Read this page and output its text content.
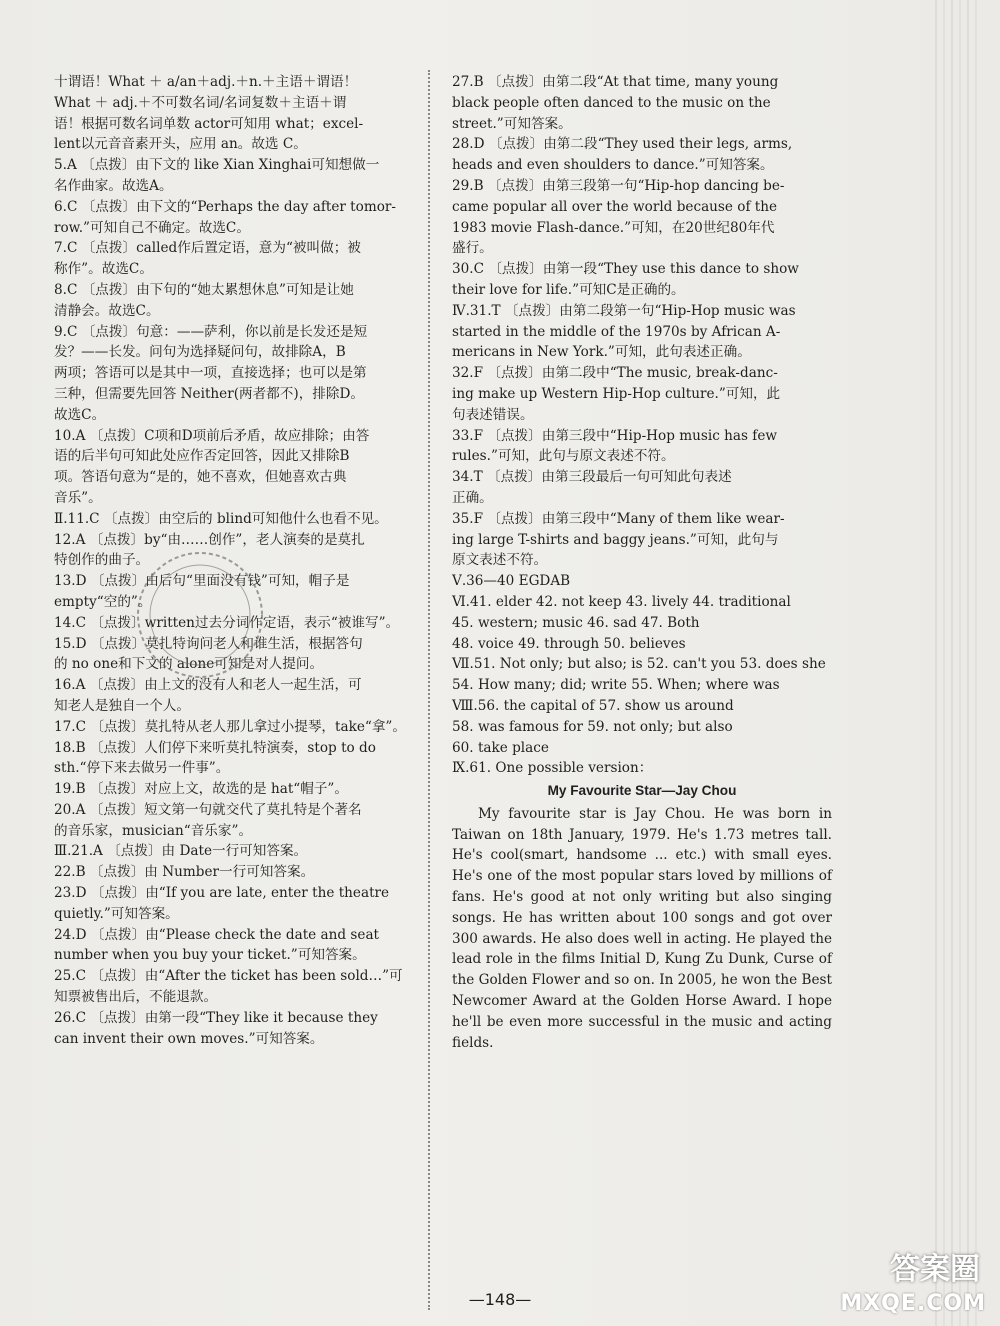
十谓语！What ＋ a/an＋adj.＋n.＋主语＋谓语！
What ＋ adj.＋不可数名词/名词复数＋主语＋谓
语！根据可数名词单数 actor可知用 what；excel-
lent以元音音素开头，应用 an。故选 C。
5.A 〔点拨〕由下文的 like Xian Xinghai可知想做一
名作曲家。故选A。
6.C 〔点拨〕由下文的“Perhaps the day after tomor-
row.”可知自己不确定。故选C。
7.C 〔点拨〕called作后置定语，意为“被叫做；被
称作”。故选C。
8.C 〔点拨〕由下句的“她太累想休息”可知是让她
清静会。故选C。
9.C 〔点拨〕句意：——萨利，你以前是长发还是短
发？——长发。问句为选择疑问句，故排除A，B
两项；答语可以是其中一项，直接选择；也可以是第
三种，但需要先回答 Neither(两者都不)，排除D。
故选C。
10.A 〔点拨〕C项和D项前后矛盾，故应排除；由答
语的后半句可知此处应作否定回答，因此又排除B
项。答语句意为“是的，她不喜欢，但她喜欢古典
音乐”。
Ⅱ.11.C 〔点拨〕由空后的 blind可知他什么也看不见。
12.A 〔点拨〕by“由……创作”，老人演奏的是莫扎
特创作的曲子。
13.D 〔点拨〕由后句“里面没有钱”可知，帽子是
empty“空的”。
14.C 〔点拨〕written过去分词作定语，表示“被谁写”。
15.D 〔点拨〕莫扎特询问老人和谁生活，根据答句
的 no one和下文的 alone可知是对人提问。
16.A 〔点拨〕由上文的没有人和老人一起生活，可
知老人是独自一个人。
17.C 〔点拨〕莫扎特从老人那儿拿过小提琴，take“拿”。
18.B 〔点拨〕人们停下来听莫扎特演奏，stop to do
sth.“停下来去做另一件事”。
19.B 〔点拨〕对应上文，故选的是 hat“帽子”。
20.A 〔点拨〕短文第一句就交代了莫扎特是个著名
的音乐家，musician“音乐家”。
Ⅲ.21.A 〔点拨〕由 Date一行可知答案。
22.B 〔点拨〕由 Number一行可知答案。
23.D 〔点拨〕由“If you are late, enter the theatre
quietly.”可知答案。
24.D 〔点拨〕由“Please check the date and seat
number when you buy your ticket.”可知答案。
25.C 〔点拨〕由“After the ticket has been sold…”可
知票被售出后，不能退款。
26.C 〔点拨〕由第一段“They like it because they
can invent their own moves.”可知答案。
27.B 〔点拨〕由第二段“At that time, many young
black people often danced to the music on the
street.”可知答案。
28.D 〔点拨〕由第二段“They used their legs, arms,
heads and even shoulders to dance.”可知答案。
29.B 〔点拨〕由第三段第一句“Hip-hop dancing be-
came popular all over the world because of the
1983 movie Flash-dance.”可知，在20世纪80年代
盛行。
30.C 〔点拨〕由第一段“They use this dance to show
their love for life.”可知C是正确的。
Ⅳ.31.T 〔点拨〕由第二段第一句“Hip-Hop music was
started in the middle of the 1970s by African A-
mericans in New York.”可知，此句表述正确。
32.F 〔点拨〕由第二段中“The music, break-danc-
ing make up Western Hip-Hop culture.”可知，此
句表述错误。
33.F 〔点拨〕由第三段中“Hip-Hop music has few
rules.”可知，此句与原文表述不符。
34.T 〔点拨〕由第三段最后一句可知此句表述
正确。
35.F 〔点拨〕由第三段中“Many of them like wear-
ing large T-shirts and baggy jeans.”可知，此句与
原文表述不符。
Ⅴ.36—40 EGDAB
Ⅵ.41. elder 42. not keep 43. lively 44. traditional
45. western; music 46. sad 47. Both
48. voice 49. through 50. believes
Ⅶ.51. Not only; but also; is 52. can't you 53. does she
54. How many; did; write 55. When; where was
Ⅷ.56. the capital of 57. show us around
58. was famous for 59. not only; but also
60. take place
Ⅸ.61. One possible version：
My Favourite Star—Jay Chou

My favourite star is Jay Chou. He was born in Taiwan on 18th January, 1979. He's 1.73 metres tall. He's cool(smart, handsome ... etc.) with small eyes. He's one of the most popular stars loved by millions of fans. He's good at not only writing but also singing songs. He has written about 100 songs and got over 300 awards. He also does well in acting. He played the lead role in the films Initial D, Kung Zu Dunk, Curse of the Golden Flower and so on. In 2005, he won the Best Newcomer Award at the Golden Horse Award. I hope he'll be even more successful in the music and acting fields.

—148—
答案圈
MXQE.COM
